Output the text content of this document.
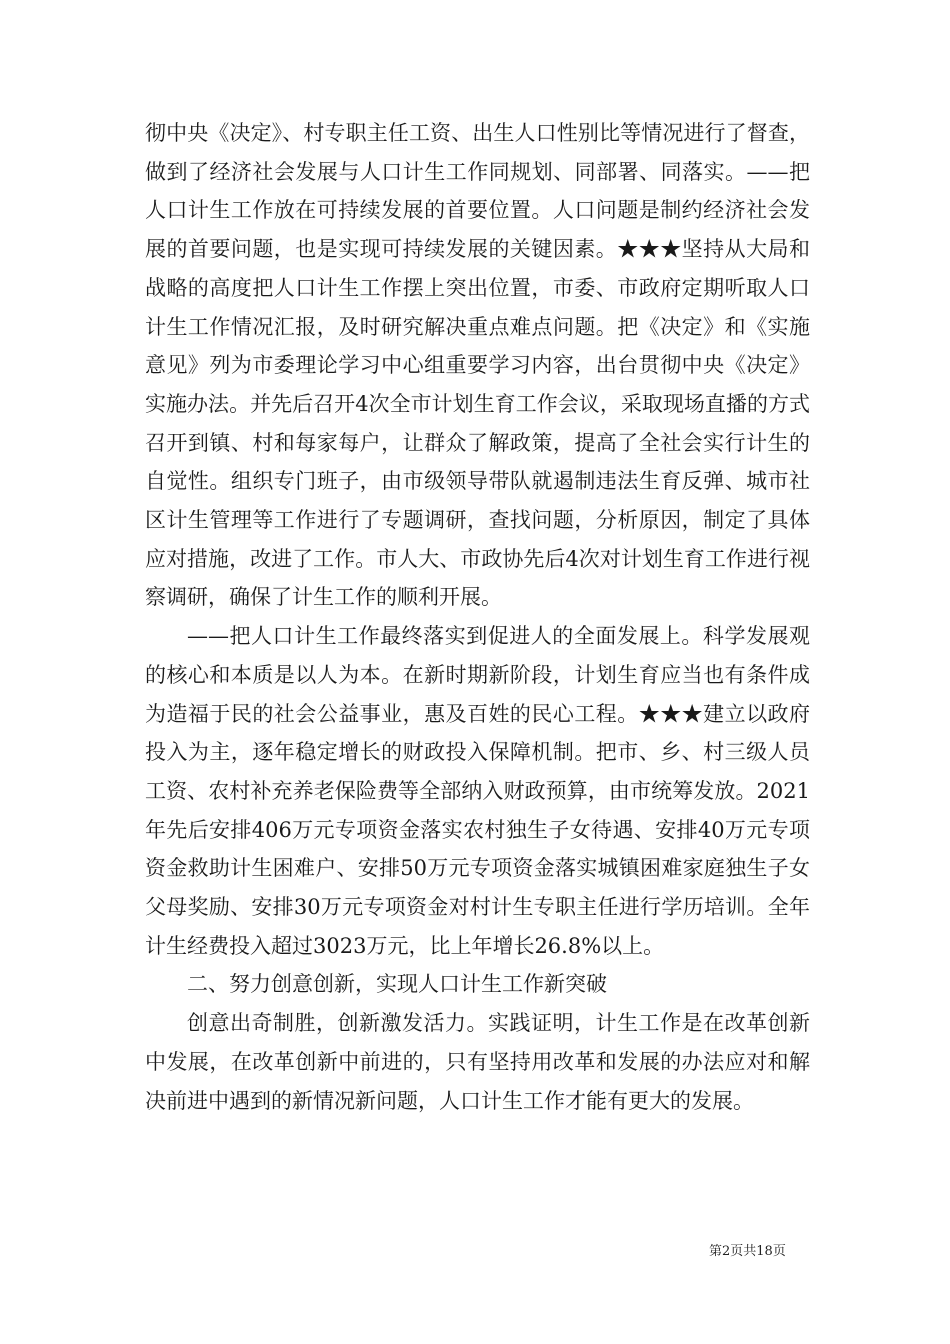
彻中央《决定》、村专职主任工资、出生人口性别比等情况进行了督查，做到了经济社会发展与人口计生工作同规划、同部署、同落实。——把人口计生工作放在可持续发展的首要位置。人口问题是制约经济社会发展的首要问题，也是实现可持续发展的关键因素。★★★坚持从大局和战略的高度把人口计生工作摆上突出位置，市委、市政府定期听取人口计生工作情况汇报，及时研究解决重点难点问题。把《决定》和《实施意见》列为市委理论学习中心组重要学习内容，出台贯彻中央《决定》实施办法。并先后召开4次全市计划生育工作会议，采取现场直播的方式召开到镇、村和每家每户，让群众了解政策，提高了全社会实行计生的自觉性。组织专门班子，由市级领导带队就遏制违法生育反弹、城市社区计生管理等工作进行了专题调研，查找问题，分析原因，制定了具体应对措施，改进了工作。市人大、市政协先后4次对计划生育工作进行视察调研，确保了计生工作的顺利开展。

——把人口计生工作最终落实到促进人的全面发展上。科学发展观的核心和本质是以人为本。在新时期新阶段，计划生育应当也有条件成为造福于民的社会公益事业，惠及百姓的民心工程。★★★建立以政府投入为主，逐年稳定增长的财政投入保障机制。把市、乡、村三级人员工资、农村补充养老保险费等全部纳入财政预算，由市统筹发放。2021年先后安排406万元专项资金落实农村独生子女待遇、安排40万元专项资金救助计生困难户、安排50万元专项资金落实城镇困难家庭独生子女父母奖励、安排30万元专项资金对村计生专职主任进行学历培训。全年计生经费投入超过3023万元，比上年增长26.8%以上。

二、努力创意创新，实现人口计生工作新突破

创意出奇制胜，创新激发活力。实践证明，计生工作是在改革创新中发展，在改革创新中前进的，只有坚持用改革和发展的办法应对和解决前进中遇到的新情况新问题，人口计生工作才能有更大的发展。

第2页共18页
